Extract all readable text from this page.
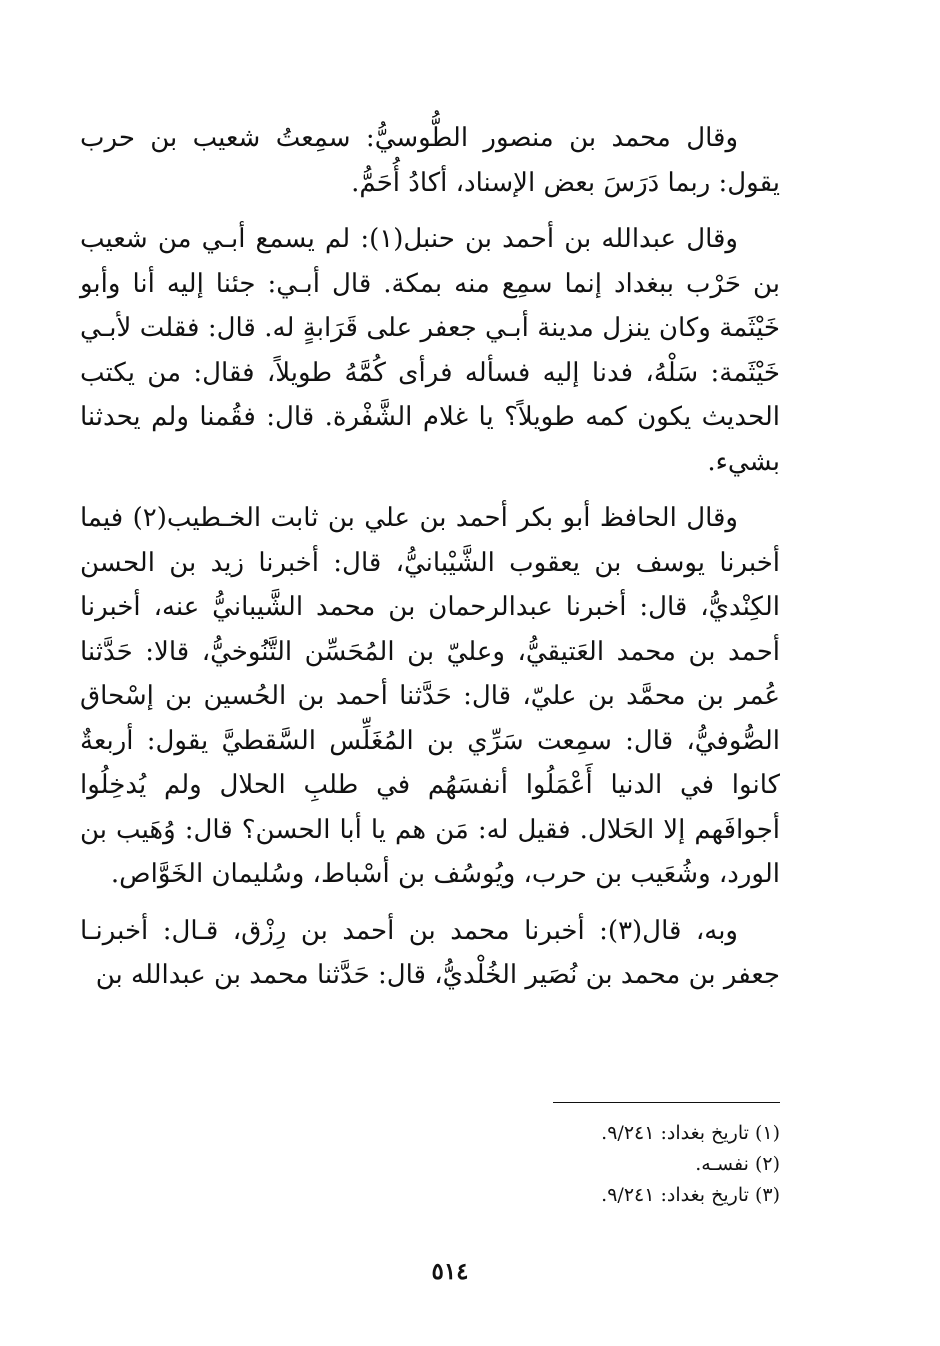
وقال محمد بن منصور الطُّوسيُّ: سمِعتُ شعيب بن حرب يقول: ربما دَرَسَ بعض الإسناد، أكادُ أُحَمُّ.

وقال عبدالله بن أحمد بن حنبل(١): لم يسمع أبـي من شعيب بن حَرْب ببغداد إنما سمِع منه بمكة. قال أبـي: جئنا إليه أنا وأبو خَيْثَمة وكان ينزل مدينة أبـي جعفر على قَرَابةٍ له. قال: فقلت لأبـي خَيْثَمة: سَلْهُ، فدنا إليه فسأله فرأى كُمَّهُ طويلاً، فقال: من يكتب الحديث يكون كمه طويلاً؟ يا غلام الشَّفْرة. قال: فقُمنا ولم يحدثنا بشيء.

وقال الحافظ أبو بكر أحمد بن علي بن ثابت الخـطيب(٢) فيما أخبرنا يوسف بن يعقوب الشَّيْبانيُّ، قال: أخبرنا زيد بن الحسن الكِنْديُّ، قال: أخبرنا عبدالرحمان بن محمد الشَّيبانيُّ عنه، أخبرنا أحمد بن محمد العَتيقيُّ، وعليّ بن المُحَسِّن التَّنُوخيُّ، قالا: حَدَّثنا عُمر بن محمَّد بن عليّ، قال: حَدَّثنا أحمد بن الحُسين بن إسْحاق الصُّوفيُّ، قال: سمِعت سَرِّي بن المُغَلِّس السَّقطيَّ يقول: أربعةٌ كانوا في الدنيا أَعْمَلُوا أنفسَهُم في طلبِ الحلال ولم يُدخِلُوا أجوافَهم إلا الحَلال. فقيل له: مَن هم يا أبا الحسن؟ قال: وُهَيب بن الورد، وشُعَيب بن حرب، ويُوسُف بن أسْباط، وسُليمان الخَوَّاص.

وبه، قال(٣): أخبرنا محمد بن أحمد بن رِزْق، قـال: أخبرنـا جعفر بن محمد بن نُصَير الخُلْديُّ، قال: حَدَّثنا محمد بن عبدالله بن

(١) تاريخ بغداد: ٩/٢٤١.
(٢) نفسـه.
(٣) تاريخ بغداد: ٩/٢٤١.
٥١٤
